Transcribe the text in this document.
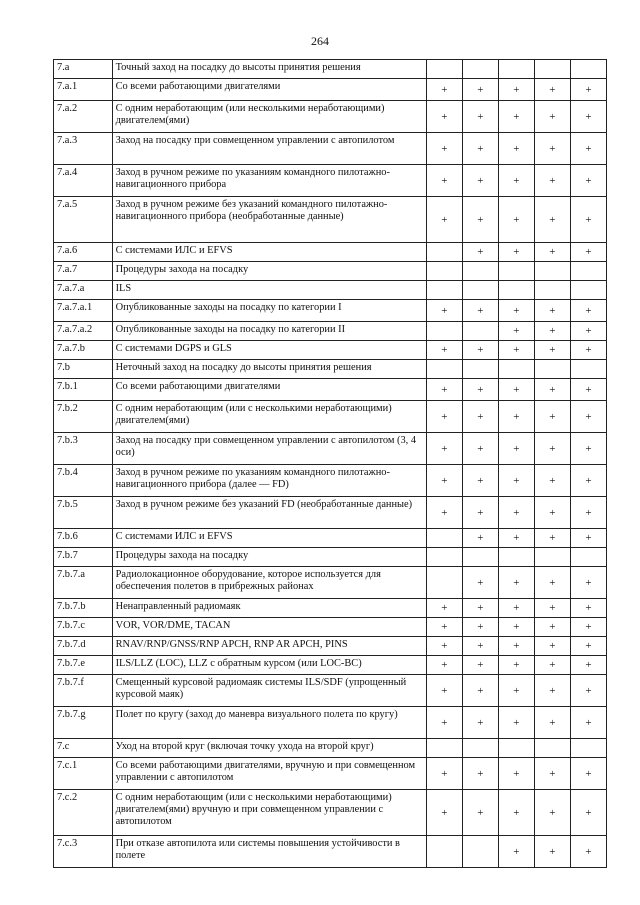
264
7.a	Точный заход на посадку до высоты принятия решения					
7.a.1	Со всеми работающими двигателями	+	+	+	+	+
7.a.2	С одним неработающим (или несколькими неработающими) двигателем(ями)	+	+	+	+	+
7.a.3	Заход на посадку при совмещенном управлении с автопилотом	+	+	+	+	+
7.a.4	Заход в ручном режиме по указаниям командного пилотажно-навигационного прибора	+	+	+	+	+
7.a.5	Заход в ручном режиме без указаний командного пилотажно-навигационного прибора (необработанные данные)	+	+	+	+	+
7.a.6	С системами ИЛС и EFVS		+	+	+	+
7.a.7	Процедуры захода на посадку					
7.a.7.a	ILS					
7.a.7.a.1	Опубликованные заходы на посадку по категории I	+	+	+	+	+
7.a.7.a.2	Опубликованные заходы на посадку по категории II			+	+	+
7.a.7.b	С системами DGPS и GLS	+	+	+	+	+
7.b	Неточный заход на посадку до высоты принятия решения					
7.b.1	Со всеми работающими двигателями	+	+	+	+	+
7.b.2	С одним неработающим (или с несколькими неработающими) двигателем(ями)	+	+	+	+	+
7.b.3	Заход на посадку при совмещенном управлении с автопилотом (3, 4 оси)	+	+	+	+	+
7.b.4	Заход в ручном режиме по указаниям командного пилотажно-навигационного прибора (далее — FD)	+	+	+	+	+
7.b.5	Заход в ручном режиме без указаний FD (необработанные данные)	+	+	+	+	+
7.b.6	С системами ИЛС и EFVS		+	+	+	+
7.b.7	Процедуры захода на посадку					
7.b.7.a	Радиолокационное оборудование, которое используется для обеспечения полетов в прибрежных районах		+	+	+	+
7.b.7.b	Ненаправленный радиомаяк	+	+	+	+	+
7.b.7.c	VOR, VOR/DME, TACAN	+	+	+	+	+
7.b.7.d	RNAV/RNP/GNSS/RNP APCH, RNP AR APCH, PINS	+	+	+	+	+
7.b.7.e	ILS/LLZ (LOC), LLZ с обратным курсом (или LOC-BC)	+	+	+	+	+
7.b.7.f	Смещенный курсовой радиомаяк системы ILS/SDF (упрощенный курсовой маяк)	+	+	+	+	+
7.b.7.g	Полет по кругу (заход до маневра визуального полета по кругу)	+	+	+	+	+
7.c	Уход на второй круг (включая точку ухода на второй круг)					
7.c.1	Со всеми работающими двигателями, вручную и при совмещенном управлении с автопилотом	+	+	+	+	+
7.c.2	С одним неработающим (или с несколькими неработающими) двигателем(ями) вручную и при совмещенном управлении с автопилотом	+	+	+	+	+
7.c.3	При отказе автопилота или системы повышения устойчивости в полете			+	+	+
